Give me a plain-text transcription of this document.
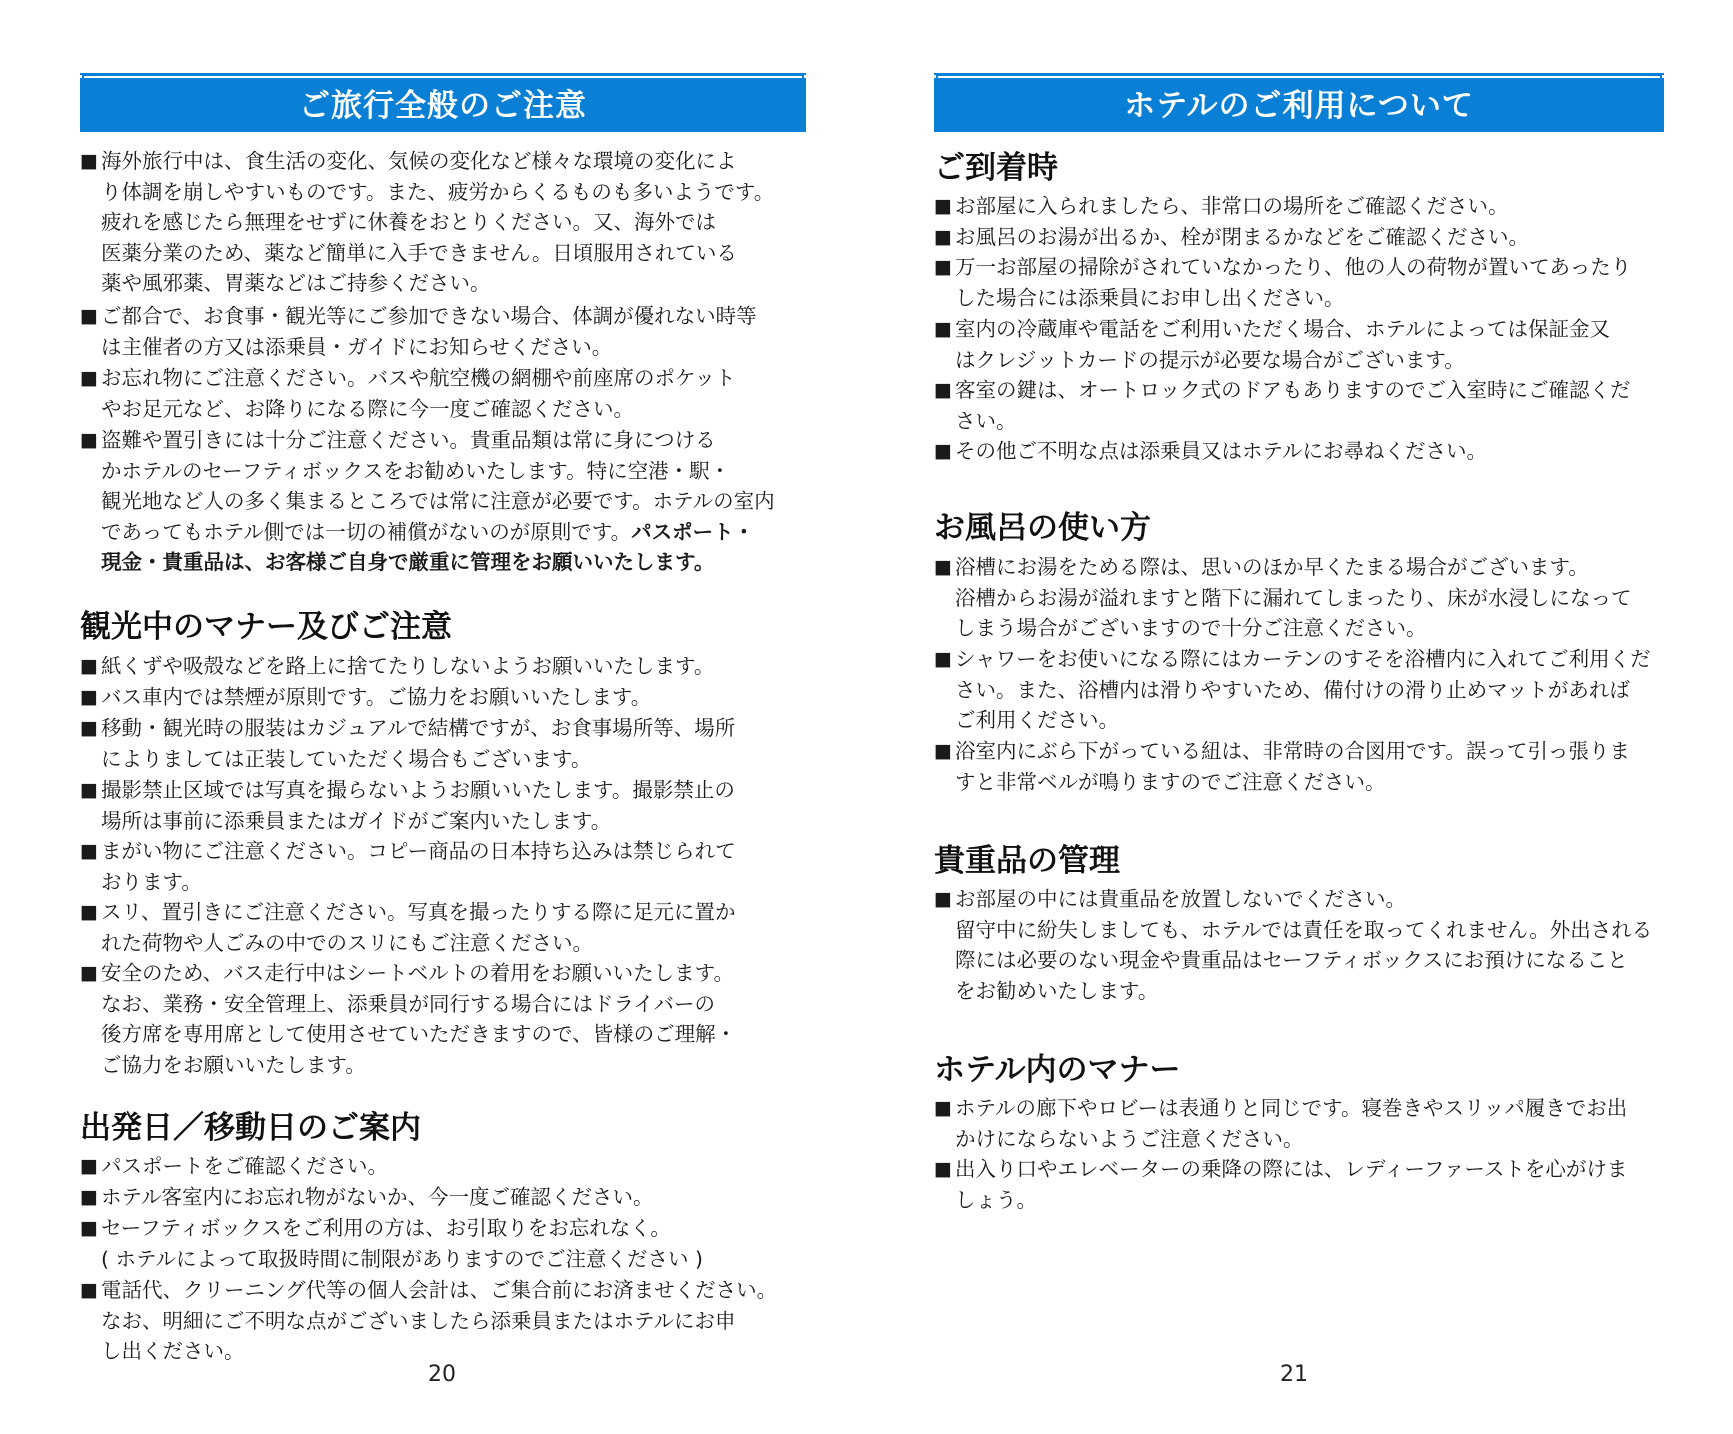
ご旅行全般のご注意
■ 海外旅行中は、食生活の変化、気候の変化など様々な環境の変化によ
り体調を崩しやすいものです。また、疲労からくるものも多いようです。
疲れを感じたら無理をせずに休養をおとりください。又、海外では
医薬分業のため、薬など簡単に入手できません。日頃服用されている
薬や風邪薬、胃薬などはご持参ください。
■ ご都合で、お食事・観光等にご参加できない場合、体調が優れない時等
は主催者の方又は添乗員・ガイドにお知らせください。
■ お忘れ物にご注意ください。バスや航空機の網棚や前座席のポケット
やお足元など、お降りになる際に今一度ご確認ください。
■ 盗難や置引きには十分ご注意ください。貴重品類は常に身につける
かホテルのセーフティボックスをお勧めいたします。特に空港・駅・
観光地など人の多く集まるところでは常に注意が必要です。ホテルの室内
であってもホテル側では一切の補償がないのが原則です。パスポート・
現金・貴重品は、お客様ご自身で厳重に管理をお願いいたします。
観光中のマナー及びご注意
■ 紙くずや吸殻などを路上に捨てたりしないようお願いいたします。
■ バス車内では禁煙が原則です。ご協力をお願いいたします。
■ 移動・観光時の服装はカジュアルで結構ですが、お食事場所等、場所
によりましては正装していただく場合もございます。
■ 撮影禁止区域では写真を撮らないようお願いいたします。撮影禁止の
場所は事前に添乗員またはガイドがご案内いたします。
■ まがい物にご注意ください。コピー商品の日本持ち込みは禁じられて
おります。
■ スリ、置引きにご注意ください。写真を撮ったりする際に足元に置か
れた荷物や人ごみの中でのスリにもご注意ください。
■ 安全のため、バス走行中はシートベルトの着用をお願いいたします。
なお、業務・安全管理上、添乗員が同行する場合にはドライバーの
後方席を専用席として使用させていただきますので、皆様のご理解・
ご協力をお願いいたします。
出発日／移動日のご案内
■ パスポートをご確認ください。
■ ホテル客室内にお忘れ物がないか、今一度ご確認ください。
■ セーフティボックスをご利用の方は、お引取りをお忘れなく。
( ホテルによって取扱時間に制限がありますのでご注意ください )
■ 電話代、クリーニング代等の個人会計は、ご集合前にお済ませください。
なお、明細にご不明な点がございましたら添乗員またはホテルにお申
し出ください。
20
ホテルのご利用について
ご到着時
■ お部屋に入られましたら、非常口の場所をご確認ください。
■ お風呂のお湯が出るか、栓が閉まるかなどをご確認ください。
■ 万一お部屋の掃除がされていなかったり、他の人の荷物が置いてあったり
した場合には添乗員にお申し出ください。
■ 室内の冷蔵庫や電話をご利用いただく場合、ホテルによっては保証金又
はクレジットカードの提示が必要な場合がございます。
■ 客室の鍵は、オートロック式のドアもありますのでご入室時にご確認くだ
さい。
■ その他ご不明な点は添乗員又はホテルにお尋ねください。
お風呂の使い方
■ 浴槽にお湯をためる際は、思いのほか早くたまる場合がございます。
浴槽からお湯が溢れますと階下に漏れてしまったり、床が水浸しになって
しまう場合がございますので十分ご注意ください。
■ シャワーをお使いになる際にはカーテンのすそを浴槽内に入れてご利用くだ
さい。また、浴槽内は滑りやすいため、備付けの滑り止めマットがあれば
ご利用ください。
■ 浴室内にぶら下がっている紐は、非常時の合図用です。誤って引っ張りま
すと非常ベルが鳴りますのでご注意ください。
貴重品の管理
■ お部屋の中には貴重品を放置しないでください。
留守中に紛失しましても、ホテルでは責任を取ってくれません。外出される
際には必要のない現金や貴重品はセーフティボックスにお預けになること
をお勧めいたします。
ホテル内のマナー
■ ホテルの廊下やロビーは表通りと同じです。寝巻きやスリッパ履きでお出
かけにならないようご注意ください。
■ 出入り口やエレベーターの乗降の際には、レディーファーストを心がけま
しょう。
21
